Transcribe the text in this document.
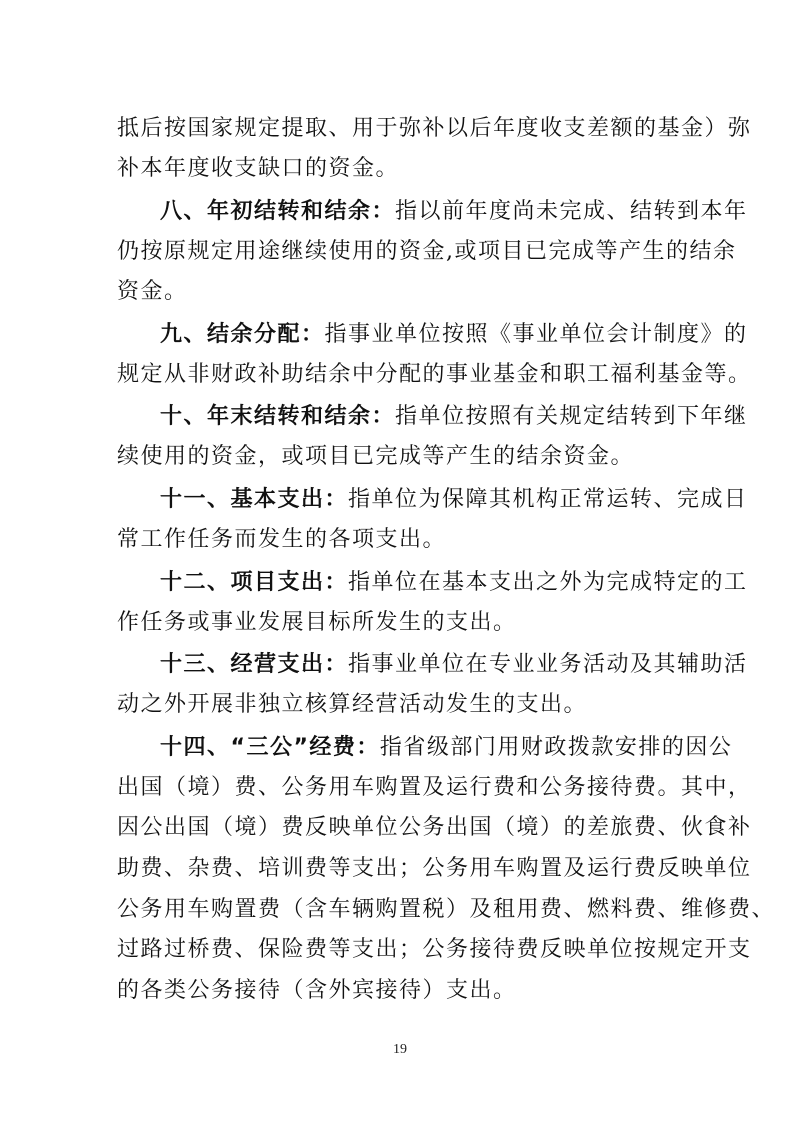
抵后按国家规定提取、用于弥补以后年度收支差额的基金）弥
补本年度收支缺口的资金。
八、年初结转和结余：指以前年度尚未完成、结转到本年
仍按原规定用途继续使用的资金,或项目已完成等产生的结余
资金。
九、结余分配：指事业单位按照《事业单位会计制度》的
规定从非财政补助结余中分配的事业基金和职工福利基金等。
十、年末结转和结余：指单位按照有关规定结转到下年继
续使用的资金，或项目已完成等产生的结余资金。
十一、基本支出：指单位为保障其机构正常运转、完成日
常工作任务而发生的各项支出。
十二、项目支出：指单位在基本支出之外为完成特定的工
作任务或事业发展目标所发生的支出。
十三、经营支出：指事业单位在专业业务活动及其辅助活
动之外开展非独立核算经营活动发生的支出。
十四、“三公”经费：指省级部门用财政拨款安排的因公
出国（境）费、公务用车购置及运行费和公务接待费。其中，
因公出国（境）费反映单位公务出国（境）的差旅费、伙食补
助费、杂费、培训费等支出；公务用车购置及运行费反映单位
公务用车购置费（含车辆购置税）及租用费、燃料费、维修费、
过路过桥费、保险费等支出；公务接待费反映单位按规定开支
的各类公务接待（含外宾接待）支出。
19
